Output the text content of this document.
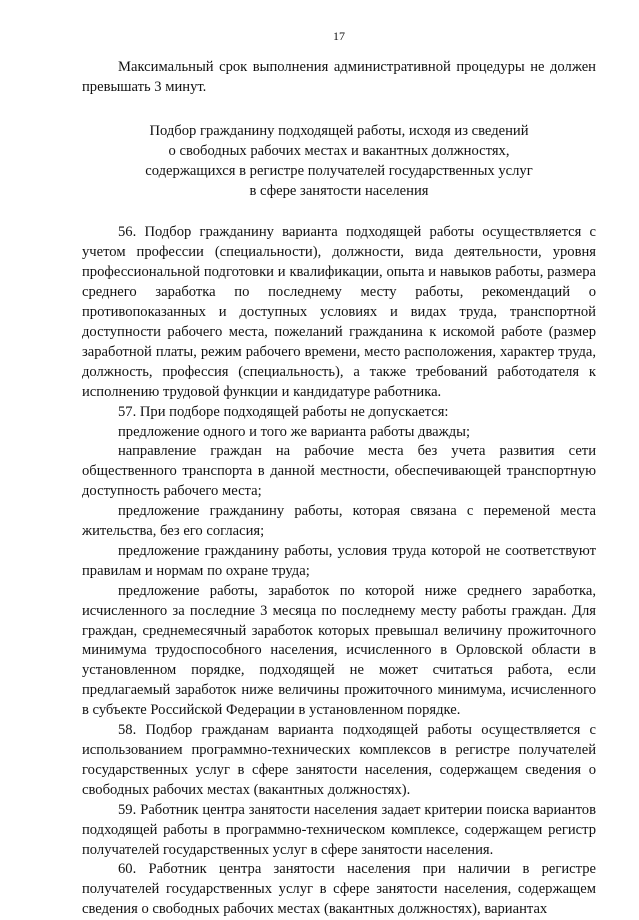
17

Максимальный срок выполнения административной процедуры не должен превышать 3 минут.

Подбор гражданину подходящей работы, исходя из сведений
о свободных рабочих местах и вакантных должностях,
содержащихся в регистре получателей государственных услуг
в сфере занятости населения

56. Подбор гражданину варианта подходящей работы осуществляется с учетом профессии (специальности), должности, вида деятельности, уровня профессиональной подготовки и квалификации, опыта и навыков работы, размера среднего заработка по последнему месту работы, рекомендаций о противопоказанных и доступных условиях и видах труда, транспортной доступности рабочего места, пожеланий гражданина к искомой работе (размер заработной платы, режим рабочего времени, место расположения, характер труда, должность, профессия (специальность), а также требований работодателя к исполнению трудовой функции и кандидатуре работника.

57. При подборе подходящей работы не допускается:

предложение одного и того же варианта работы дважды;

направление граждан на рабочие места без учета развития сети общественного транспорта в данной местности, обеспечивающей транспортную доступность рабочего места;

предложение гражданину работы, которая связана с переменой места жительства, без его согласия;

предложение гражданину работы, условия труда которой не соответствуют правилам и нормам по охране труда;

предложение работы, заработок по которой ниже среднего заработка, исчисленного за последние 3 месяца по последнему месту работы граждан. Для граждан, среднемесячный заработок которых превышал величину прожиточного минимума трудоспособного населения, исчисленного в Орловской области в установленном порядке, подходящей не может считаться работа, если предлагаемый заработок ниже величины прожиточного минимума, исчисленного в субъекте Российской Федерации в установленном порядке.

58. Подбор гражданам варианта подходящей работы осуществляется с использованием программно-технических комплексов в регистре получателей государственных услуг в сфере занятости населения, содержащем сведения о свободных рабочих местах (вакантных должностях).

59. Работник центра занятости населения задает критерии поиска вариантов подходящей работы в программно-техническом комплексе, содержащем регистр получателей государственных услуг в сфере занятости населения.

60. Работник центра занятости населения при наличии в регистре получателей государственных услуг в сфере занятости населения, содержащем сведения о свободных рабочих местах (вакантных должностях), вариантах
